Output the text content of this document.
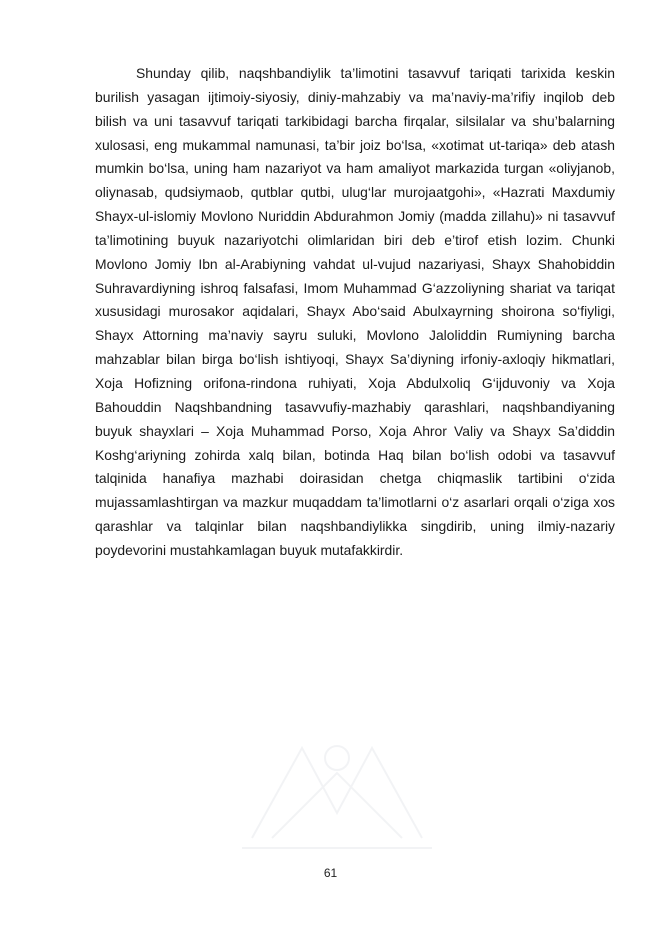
Shunday qilib, naqshbandiylik ta’limotini tasavvuf tariqati tarixida keskin burilish yasagan ijtimoiy-siyosiy, diniy-mahzabiy va ma’naviy-ma’rifiy inqilob deb bilish va uni tasavvuf tariqati tarkibidagi barcha firqalar, silsilalar va shu’balarning xulosasi, eng mukammal namunasi, ta’bir joiz bo‘lsa, «xotimat ut-tariqa» deb atash mumkin bo‘lsa, uning ham nazariyot va ham amaliyot markazida turgan «oliyjanob, oliynasab, qudsiymaob, qutblar qutbi, ulug‘lar murojaatgohi», «Hazrati Maxdumiy Shayx-ul-islomiy Movlono Nuriddin Abdurahmon Jomiy (madda zillahu)» ni tasavvuf ta’limotining buyuk nazariyotchi olimlaridan biri deb e’tirof etish lozim. Chunki Movlono Jomiy Ibn al-Arabiyning vahdat ul-vujud nazariyasi, Shayx Shahobiddin Suhravardiyning ishroq falsafasi, Imom Muhammad G‘azzoliyning shariat va tariqat xususidagi murosakor aqidalari, Shayx Abo‘said Abulxayrning shoirona so‘fiyligi, Shayx Attorning ma’naviy sayru suluki, Movlono Jaloliddin Rumiyning barcha mahzablar bilan birga bo‘lish ishtiyoqi, Shayx Sa’diyning irfoniy-axloqiy hikmatlari, Xoja Hofizning orifona-rindona ruhiyati, Xoja Abdulxoliq G‘ijduvoniy va Xoja Bahouddin Naqshbandning tasavvufiy-mazhabiy qarashlari, naqshbandiyaning buyuk shayxlari – Xoja Muhammad Porso, Xoja Ahror Valiy va Shayx Sa’diddin Koshg‘ariyning zohirda xalq bilan, botinda Haq bilan bo‘lish odobi va tasavvuf talqinida hanafiya mazhabi doirasidan chetga chiqmaslik tartibini o‘zida mujassamlashtirgan va mazkur muqaddam ta’limotlarni o‘z asarlari orqali o‘ziga xos qarashlar va talqinlar bilan naqshbandiylikka singdirib, uning ilmiy-nazariy poydevorini mustahkamlagan buyuk mutafakkirdir.

61
